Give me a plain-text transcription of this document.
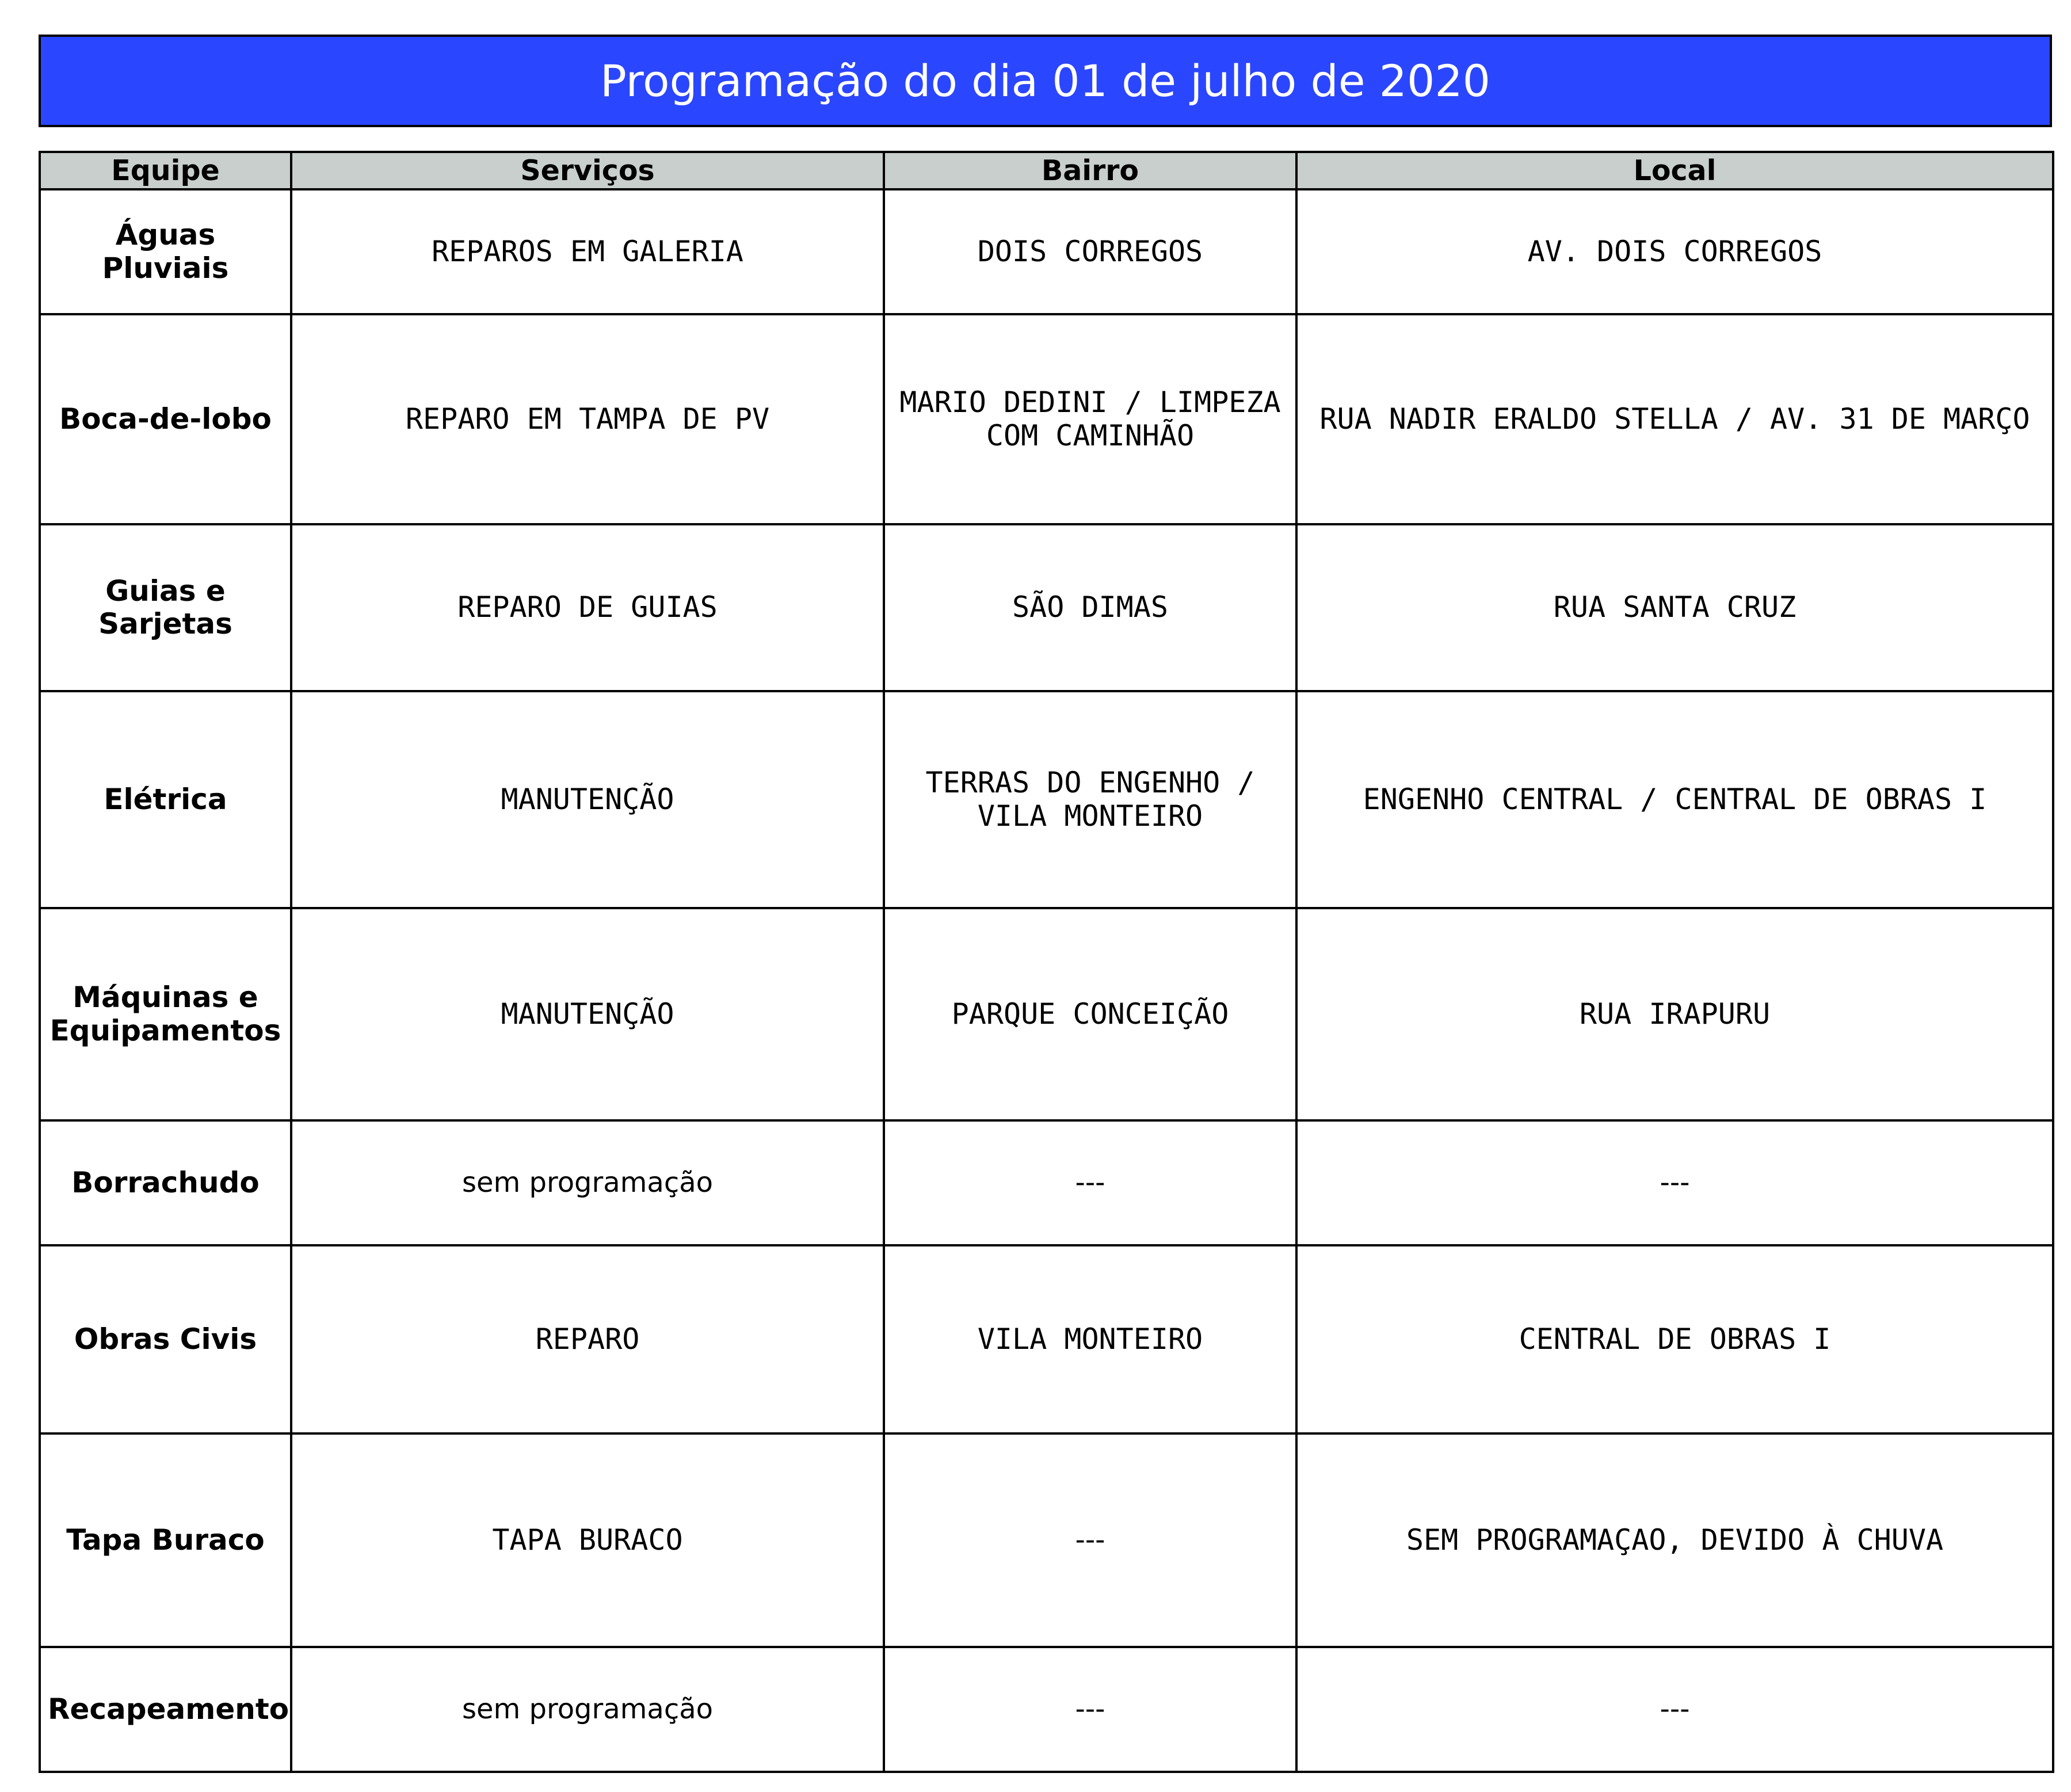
Programação do dia 01 de julho de 2020
Equipe	Serviços	Bairro	Local
Águas Pluviais	REPAROS EM GALERIA	DOIS CORREGOS	AV. DOIS CORREGOS
Boca-de-lobo	REPARO EM TAMPA DE PV	MARIO DEDINI / LIMPEZA COM CAMINHÃO	RUA NADIR ERALDO STELLA / AV. 31 DE MARÇO
Guias e Sarjetas	REPARO DE GUIAS	SÃO DIMAS	RUA SANTA CRUZ
Elétrica	MANUTENÇÃO	TERRAS DO ENGENHO / VILA MONTEIRO	ENGENHO CENTRAL / CENTRAL DE OBRAS I
Máquinas e Equipamentos	MANUTENÇÃO	PARQUE CONCEIÇÃO	RUA IRAPURU
Borrachudo	sem programação	---	---
Obras Civis	REPARO	VILA MONTEIRO	CENTRAL DE OBRAS I
Tapa Buraco	TAPA BURACO	---	SEM PROGRAMAÇAO, DEVIDO À CHUVA
Recapeamento	sem programação	---	---
